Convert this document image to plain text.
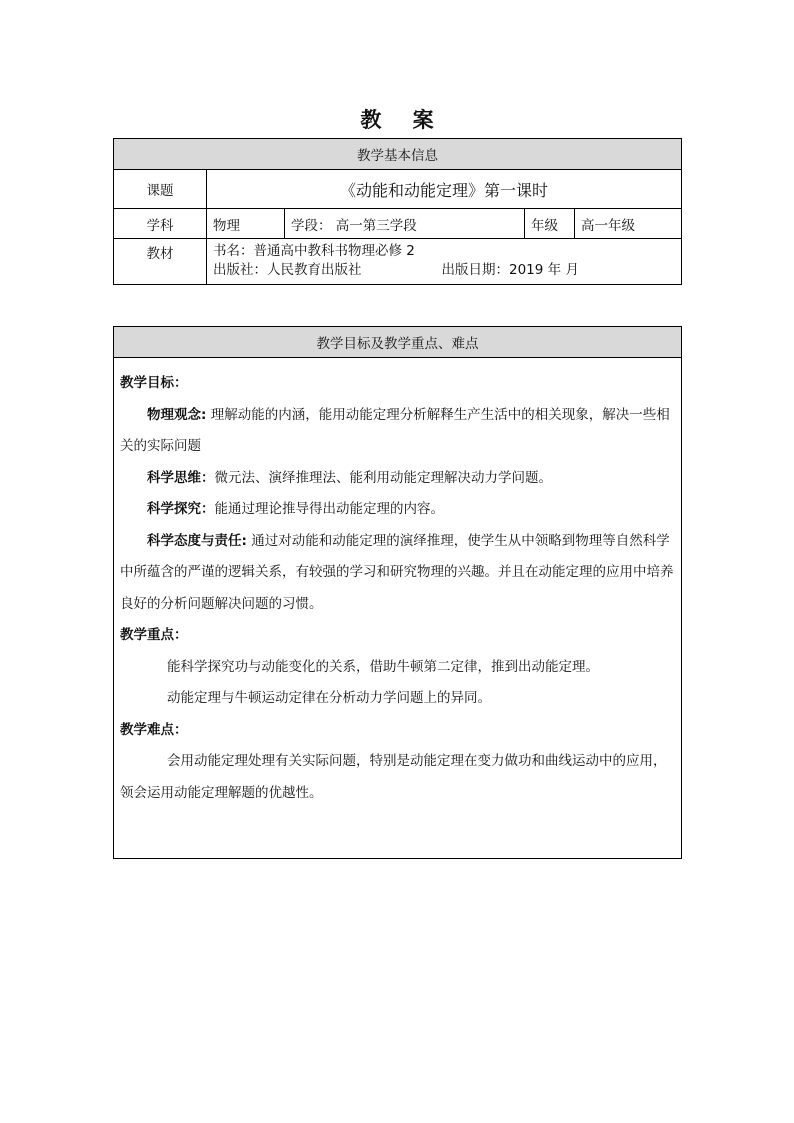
教 案
教学基本信息				
课题	《动能和动能定理》第一课时			
学科	物理	学段： 高一第三学段	年级	高一年级
教材	书名：普通高中教科书物理必修 2
出版社：人民教育出版社 出版日期：2019 年 月			
教学目标及教学重点、难点

教学目标：

物理观念: 理解动能的内涵，能用动能定理分析解释生产生活中的相关现象，解决一些相关的实际问题

科学思维：微元法、演绎推理法、能利用动能定理解决动力学问题。

科学探究：能通过理论推导得出动能定理的内容。

科学态度与责任: 通过对动能和动能定理的演绎推理，使学生从中领略到物理等自然科学中所蕴含的严谨的逻辑关系，有较强的学习和研究物理的兴趣。并且在动能定理的应用中培养良好的分析问题解决问题的习惯。

教学重点：

能科学探究功与动能变化的关系，借助牛顿第二定律，推到出动能定理。

动能定理与牛顿运动定律在分析动力学问题上的异同。

教学难点：

会用动能定理处理有关实际问题，特别是动能定理在变力做功和曲线运动中的应用，领会运用动能定理解题的优越性。
